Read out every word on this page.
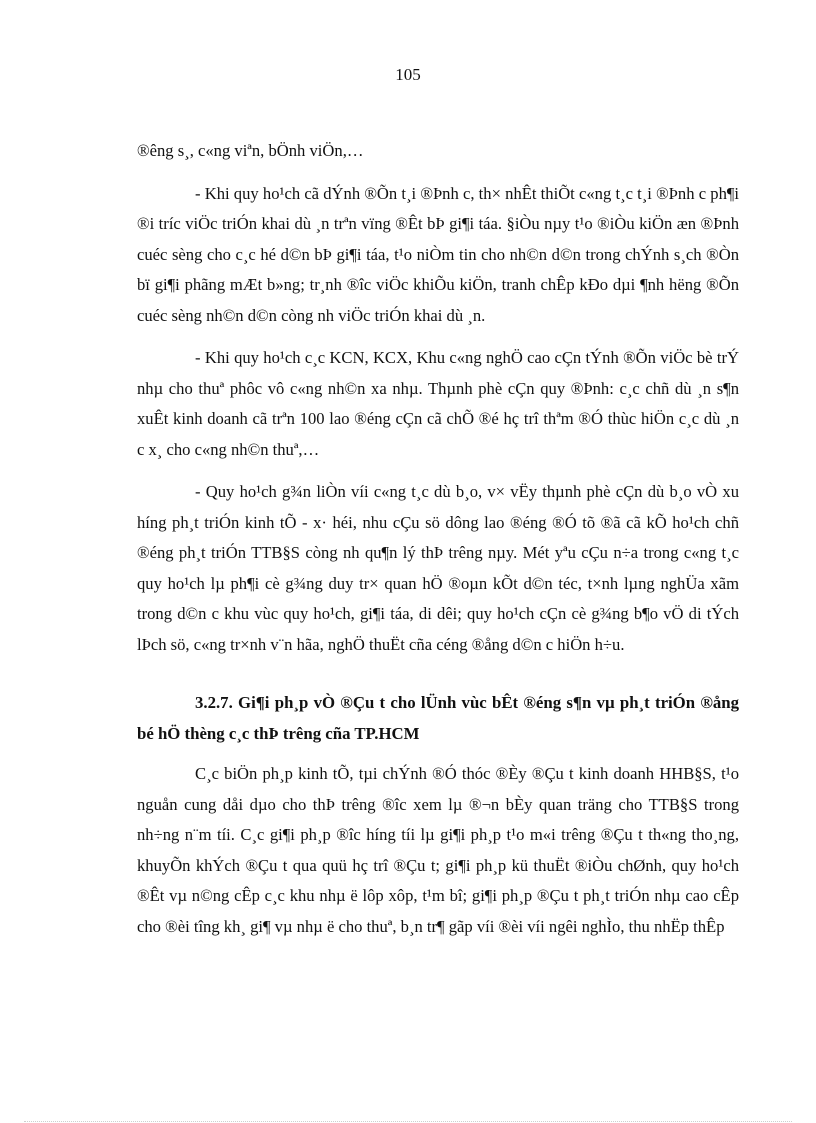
105

®êng s¸, c«ng viªn, bÖnh viÖn,…

- Khi quy ho¹ch cã dÝnh ®Õn t¸i ®Þnh c, th× nhÊt thiÕt c«ng t¸c t¸i ®Þnh c ph¶i ®i tríc viÖc triÓn khai dù ¸n trªn vïng ®Êt bÞ gi¶i táa. §iÒu nµy t¹o ®iÒu kiÖn æn ®Þnh cuéc sèng cho c¸c hé d©n bÞ gi¶i táa, t¹o niÒm tin cho nh©n d©n trong chÝnh s¸ch ®Òn bï gi¶i phãng mÆt b»ng; tr¸nh ®îc viÖc khiÕu kiÖn, tranh chÊp kÐo dµi ¶nh hëng ®Õn cuéc sèng nh©n d©n còng nh viÖc triÓn khai dù ¸n.

- Khi quy ho¹ch c¸c KCN, KCX, Khu c«ng nghÖ cao cÇn tÝnh ®Õn viÖc bè trÝ nhµ cho thuª phôc vô c«ng nh©n xa nhµ. Thµnh phè cÇn quy ®Þnh: c¸c chñ dù ¸n s¶n xuÊt kinh doanh cã trªn 100 lao ®éng cÇn cã chÕ ®é hç trî thªm ®Ó thùc hiÖn c¸c dù ¸n c x¸ cho c«ng nh©n thuª,…

- Quy ho¹ch g¾n liÒn víi c«ng t¸c dù b¸o, v× vËy thµnh phè cÇn dù b¸o vÒ xu híng ph¸t triÓn kinh tÕ - x· héi, nhu cÇu sö dông lao ®éng ®Ó tõ ®ã cã kÕ ho¹ch chñ ®éng ph¸t triÓn TTB§S còng nh qu¶n lý thÞ trêng nµy. Mét yªu cÇu n÷a trong c«ng t¸c quy ho¹ch lµ ph¶i cè g¾ng duy tr× quan hÖ ®oµn kÕt d©n téc, t×nh lµng nghÜa xãm trong d©n c khu vùc quy ho¹ch, gi¶i táa, di dêi; quy ho¹ch cÇn cè g¾ng b¶o vÖ di tÝch lÞch sö, c«ng tr×nh v¨n hãa, nghÖ thuËt cña céng ®ång d©n c hiÖn h÷u.

3.2.7. Gi¶i ph¸p vÒ ®Çu t cho lÜnh vùc bÊt ®éng s¶n vµ ph¸t triÓn ®ång bé hÖ thèng c¸c thÞ trêng cña TP.HCM

C¸c biÖn ph¸p kinh tÕ, tµi chÝnh ®Ó thóc ®Èy ®Çu t kinh doanh HHB§S, t¹o nguån cung dåi dµo cho thÞ trêng ®îc xem lµ ®¬n bÈy quan träng cho TTB§S trong nh÷ng n¨m tíi. C¸c gi¶i ph¸p ®îc híng tíi lµ gi¶i ph¸p t¹o m«i trêng ®Çu t th«ng tho¸ng, khuyÕn khÝch ®Çu t qua quü hç trî ®Çu t; gi¶i ph¸p kü thuËt ®iÒu chØnh, quy ho¹ch ®Êt vµ n©ng cÊp c¸c khu nhµ ë lôp xôp, t¹m bî; gi¶i ph¸p ®Çu t ph¸t triÓn nhµ cao cÊp cho ®èi tîng kh¸ gi¶ vµ nhµ ë cho thuª, b¸n tr¶ gãp víi ®èi víi ngêi nghÌo, thu nhËp thÊp
